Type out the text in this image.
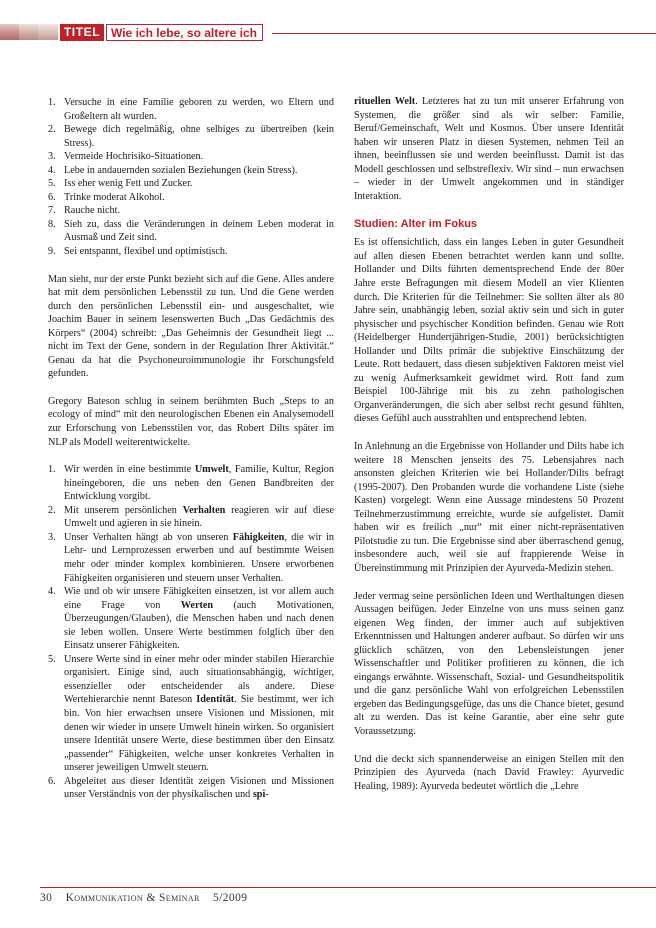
TITEL Wie ich lebe, so altere ich
1. Versuche in eine Familie geboren zu werden, wo Eltern und Großeltern alt wurden.
2. Bewege dich regelmäßig, ohne selbiges zu übertreiben (kein Stress).
3. Vermeide Hochrisiko-Situationen.
4. Lebe in andauernden sozialen Beziehungen (kein Stress).
5. Iss eher wenig Fett und Zucker.
6. Trinke moderat Alkohol.
7. Rauche nicht.
8. Sieh zu, dass die Veränderungen in deinem Leben moderat in Ausmaß und Zeit sind.
9. Sei entspannt, flexibel und optimistisch.

Man sieht, nur der erste Punkt bezieht sich auf die Gene. Alles andere hat mit dem persönlichen Lebensstil zu tun. Und die Gene werden durch den persönlichen Lebensstil ein- und ausgeschaltet, wie Joachim Bauer in seinem lesenswerten Buch „Das Gedächtnis des Körpers“ (2004) schreibt: „Das Geheimnis der Gesundheit liegt ... nicht im Text der Gene, sondern in der Regulation Ihrer Aktivität.“ Genau da hat die Psychoneuroimmunologie ihr Forschungsfeld gefunden.

Gregory Bateson schlug in seinem berühmten Buch „Steps to an ecology of mind“ mit den neurologischen Ebenen ein Analysemodell zur Erforschung von Lebensstilen vor, das Robert Dilts später im NLP als Modell weiterentwickelte.

1. Wir werden in eine bestimmte Umwelt, Familie, Kultur, Region hineingeboren, die uns neben den Genen Bandbreiten der Entwicklung vorgibt.
2. Mit unserem persönlichen Verhalten reagieren wir auf diese Umwelt und agieren in sie hinein.
3. Unser Verhalten hängt ab von unseren Fähigkeiten, die wir in Lehr- und Lernprozessen erwerben und auf bestimmte Weisen mehr oder minder komplex kombinieren. Unsere erworbenen Fähigkeiten organisieren und steuern unser Verhalten.
4. Wie und ob wir unsere Fähigkeiten einsetzen, ist vor allem auch eine Frage von Werten (auch Motivationen, Überzeugungen/Glauben), die Menschen haben und nach denen sie leben wollen. Unsere Werte bestimmen folglich über den Einsatz unserer Fähigkeiten.
5. Unsere Werte sind in einer mehr oder minder stabilen Hierarchie organisiert. Einige sind, auch situationsabhängig, wichtiger, essenzieller oder entscheidender als andere. Diese Wertehierarchie nennt Bateson Identität. Sie bestimmt, wer ich bin. Von hier erwachsen unsere Visionen und Missionen, mit denen wir wieder in unsere Umwelt hinein wirken. So organisiert unsere Identität unsere Werte, diese bestimmen über den Einsatz „passender“ Fähigkeiten, welche unser konkretes Verhalten in unserer jeweiligen Umwelt steuern.
6. Abgeleitet aus dieser Identität zeigen Visionen und Missionen unser Verständnis von der physikalischen und spi-

rituellen Welt. Letzteres hat zu tun mit unserer Erfahrung von Systemen, die größer sind als wir selber: Familie, Beruf/Gemeinschaft, Welt und Kosmos. Über unsere Identität haben wir unseren Platz in diesen Systemen, nehmen Teil an ihnen, beeinflussen sie und werden beeinflusst. Damit ist das Modell geschlossen und selbstreflexiv. Wir sind – nun erwachsen – wieder in der Umwelt angekommen und in ständiger Interaktion.

Studien: Alter im Fokus

Es ist offensichtlich, dass ein langes Leben in guter Gesundheit auf allen diesen Ebenen betrachtet werden kann und sollte. Hollander und Dilts führten dementsprechend Ende der 80er Jahre erste Befragungen mit diesem Modell an vier Klienten durch. Die Kriterien für die Teilnehmer: Sie sollten älter als 80 Jahre sein, unabhängig leben, sozial aktiv sein und sich in guter physischer und psychischer Kondition befinden. Genau wie Rott (Heidelberger Hundertjährigen-Studie, 2001) berücksichtigten Hollander und Dilts primär die subjektive Einschätzung der Leute. Rott bedauert, dass diesen subjektiven Faktoren meist viel zu wenig Aufmerksamkeit gewidmet wird. Rott fand zum Beispiel 100-Jährige mit bis zu zehn pathologischen Organveränderungen, die sich aber selbst recht gesund fühlten, dieses Gefühl auch ausstrahlten und entsprechend lebten.

In Anlehnung an die Ergebnisse von Hollander und Dilts habe ich weitere 18 Menschen jenseits des 75. Lebensjahres nach ansonsten gleichen Kriterien wie bei Hollander/Dilts befragt (1995-2007). Den Probanden wurde die vorhandene Liste (siehe Kasten) vorgelegt. Wenn eine Aussage mindestens 50 Prozent Teilnehmerzustimmung erreichte, wurde sie aufgelistet. Damit haben wir es freilich „nur“ mit einer nicht-repräsentativen Pilotstudie zu tun. Die Ergebnisse sind aber überraschend genug, insbesondere auch, weil sie auf frappierende Weise in Übereinstimmung mit Prinzipien der Ayurveda-Medizin stehen.

Jeder vermag seine persönlichen Ideen und Werthaltungen diesen Aussagen beifügen. Jeder Einzelne von uns muss seinen ganz eigenen Weg finden, der immer auch auf subjektiven Erkenntnissen und Haltungen anderer aufbaut. So dürfen wir uns glücklich schätzen, von den Lebensleistungen jener Wissenschaftler und Politiker profitieren zu können, die ich eingangs erwähnte. Wissenschaft, Sozial- und Gesundheitspolitik und die ganz persönliche Wahl von erfolgreichen Lebensstilen ergeben das Bedingungsgefüge, das uns die Chance bietet, gesund alt zu werden. Das ist keine Garantie, aber eine sehr gute Voraussetzung.

Und die deckt sich spannenderweise an einigen Stellen mit den Prinzipien des Ayurveda (nach David Frawley: Ayurvedic Healing, 1989): Ayurveda bedeutet wörtlich die „Lehre

30 Kommunikation & Seminar 5/2009
